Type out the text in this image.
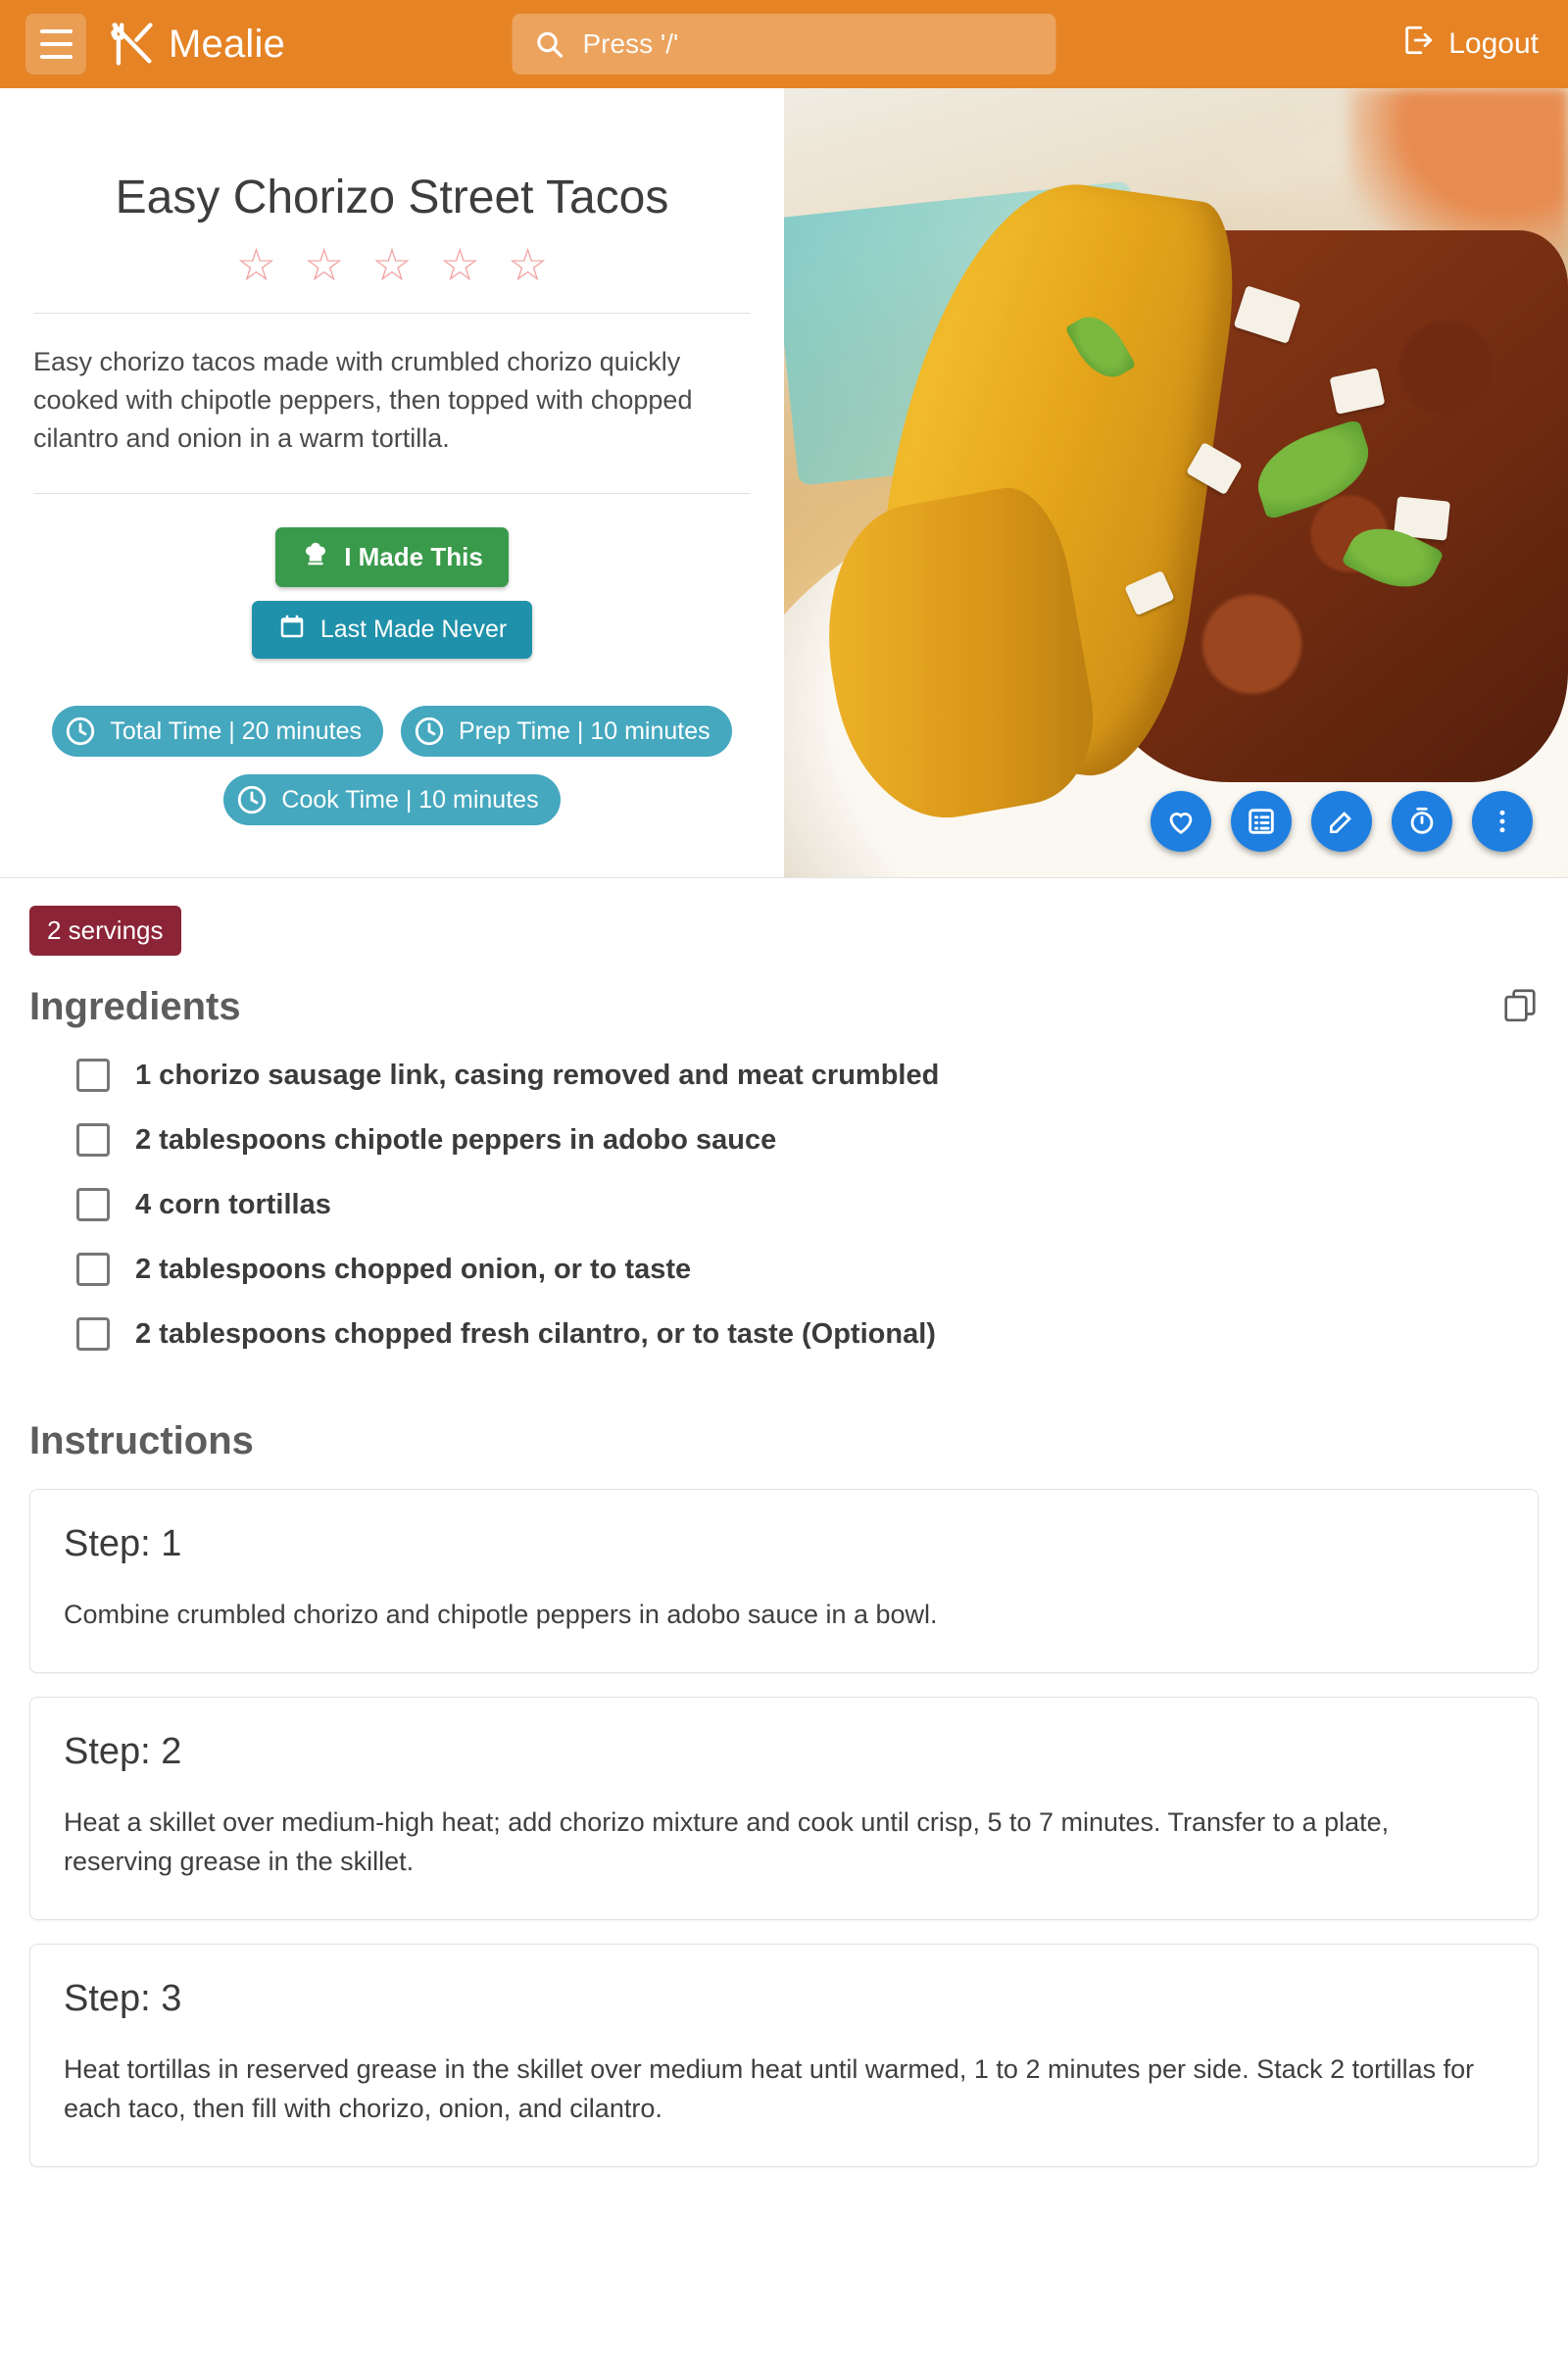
Mealie
Press '/'	Logout
Easy Chorizo Street Tacos
☆ ☆ ☆ ☆ ☆
Easy chorizo tacos made with crumbled chorizo quickly cooked with chipotle peppers, then topped with chopped cilantro and onion in a warm tortilla.
I Made This
Last Made Never
Total Time | 20 minutes	Prep Time | 10 minutes
Cook Time | 10 minutes
2 servings
Ingredients
1 chorizo sausage link, casing removed and meat crumbled
2 tablespoons chipotle peppers in adobo sauce
4 corn tortillas
2 tablespoons chopped onion, or to taste
2 tablespoons chopped fresh cilantro, or to taste (Optional)
Instructions
Step: 1
Combine crumbled chorizo and chipotle peppers in adobo sauce in a bowl.
Step: 2
Heat a skillet over medium-high heat; add chorizo mixture and cook until crisp, 5 to 7 minutes. Transfer to a plate, reserving grease in the skillet.
Step: 3
Heat tortillas in reserved grease in the skillet over medium heat until warmed, 1 to 2 minutes per side. Stack 2 tortillas for each taco, then fill with chorizo, onion, and cilantro.
